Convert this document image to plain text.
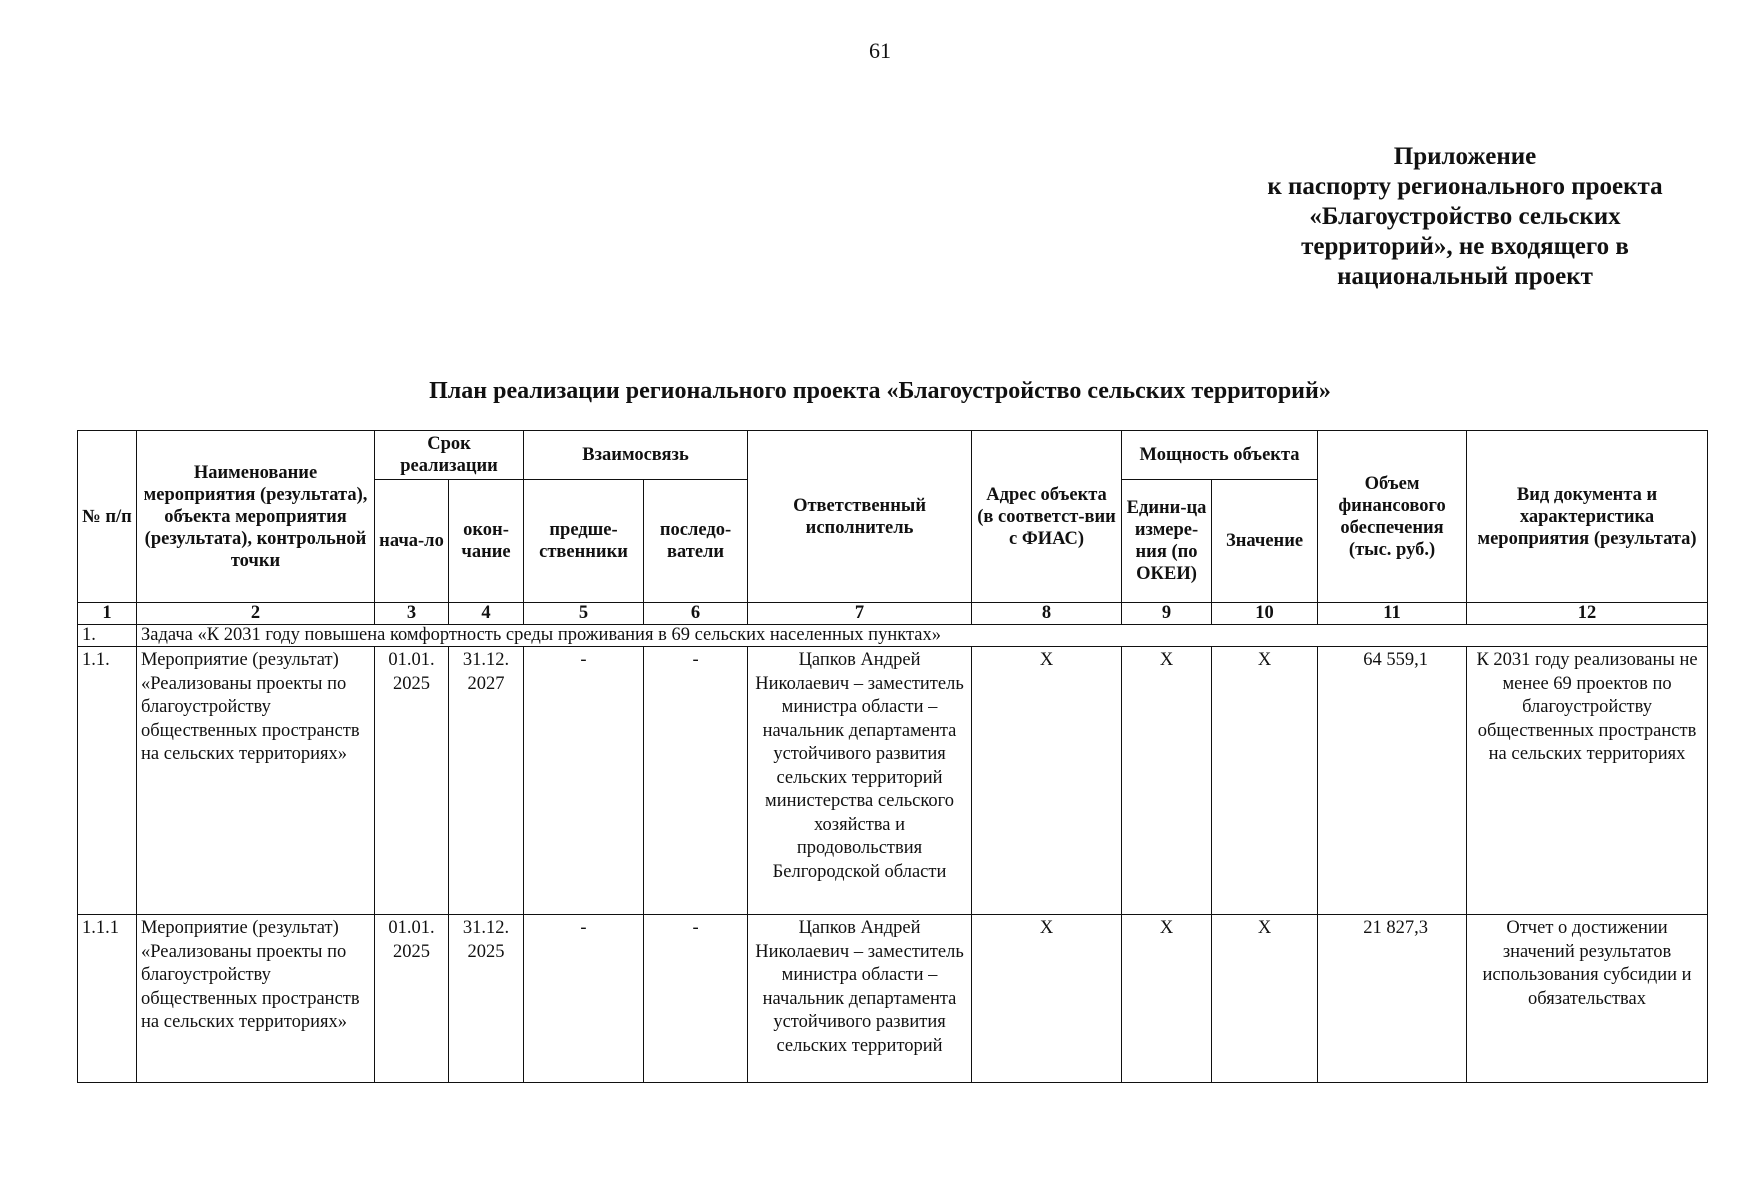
61
Приложение
к паспорту регионального проекта
«Благоустройство сельских
территорий», не входящего в
национальный проект
План реализации регионального проекта «Благоустройство сельских территорий»
№ п/п	Наименование мероприятия (результата), объекта мероприятия (результата), контрольной точки	Срок реализации		Взаимосвязь		Ответственный исполнитель	Адрес объекта (в соответст-вии с ФИАС)	Мощность объекта		Объем финансового обеспечения (тыс. руб.)	Вид документа и характеристика мероприятия (результата)
		нача-ло	окон-чание	предше-ственники	последо-ватели			Едини-ца измере-ния (по ОКЕИ)	Значение		
1	2	3	4	5	6	7	8	9	10	11	12
1.	Задача «К 2031 году повышена комфортность среды проживания в 69 сельских населенных пунктах»										
1.1.	Мероприятие (результат) «Реализованы проекты по благоустройству общественных пространств на сельских территориях»	01.01. 2025	31.12. 2027	-	-	Цапков Андрей Николаевич – заместитель министра области – начальник департамента устойчивого развития сельских территорий министерства сельского хозяйства и продовольствия Белгородской области	Х	Х	Х	64 559,1	К 2031 году реализованы не менее 69 проектов по благоустройству общественных пространств на сельских территориях
1.1.1	Мероприятие (результат) «Реализованы проекты по благоустройству общественных пространств на сельских территориях»	01.01. 2025	31.12. 2025	-	-	Цапков Андрей Николаевич – заместитель министра области – начальник департамента устойчивого развития сельских территорий	Х	Х	Х	21 827,3	Отчет о достижении значений результатов использования субсидии и обязательствах
